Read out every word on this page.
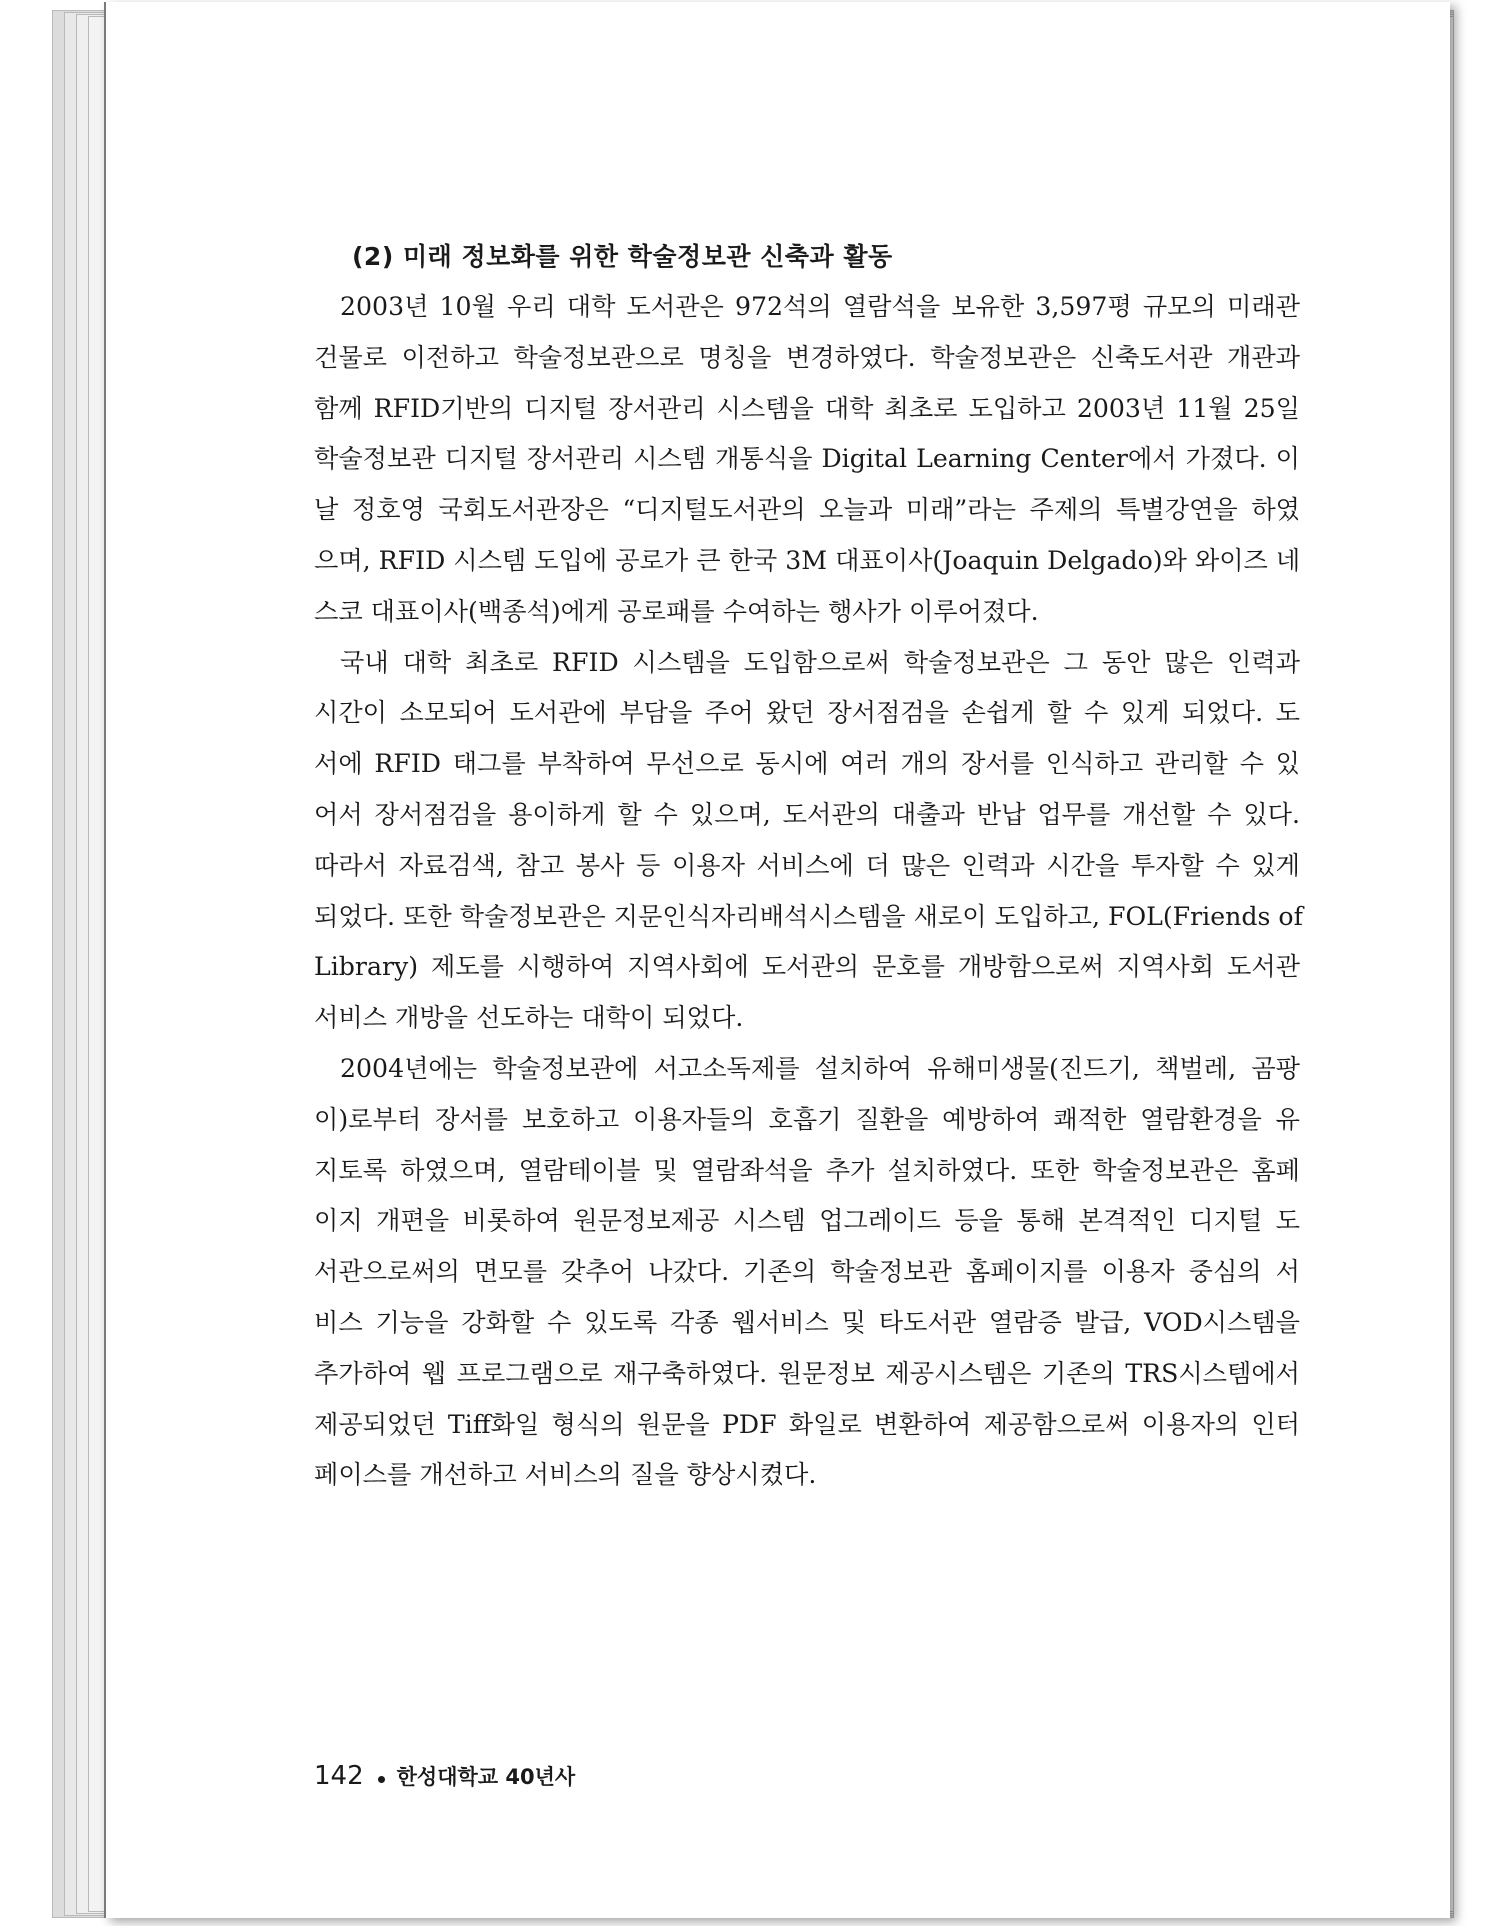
(2) 미래 정보화를 위한 학술정보관 신축과 활동
2003년 10월 우리 대학 도서관은 972석의 열람석을 보유한 3,597평 규모의 미래관
건물로 이전하고 학술정보관으로 명칭을 변경하였다. 학술정보관은 신축도서관 개관과
함께 RFID기반의 디지털 장서관리 시스템을 대학 최초로 도입하고 2003년 11월 25일
학술정보관 디지털 장서관리 시스템 개통식을 Digital Learning Center에서 가졌다. 이
날 정호영 국회도서관장은 “디지털도서관의 오늘과 미래”라는 주제의 특별강연을 하였
으며, RFID 시스템 도입에 공로가 큰 한국 3M 대표이사(Joaquin Delgado)와 와이즈 네
스코 대표이사(백종석)에게 공로패를 수여하는 행사가 이루어졌다.
국내 대학 최초로 RFID 시스템을 도입함으로써 학술정보관은 그 동안 많은 인력과
시간이 소모되어 도서관에 부담을 주어 왔던 장서점검을 손쉽게 할 수 있게 되었다. 도
서에 RFID 태그를 부착하여 무선으로 동시에 여러 개의 장서를 인식하고 관리할 수 있
어서 장서점검을 용이하게 할 수 있으며, 도서관의 대출과 반납 업무를 개선할 수 있다.
따라서 자료검색, 참고 봉사 등 이용자 서비스에 더 많은 인력과 시간을 투자할 수 있게
되었다. 또한 학술정보관은 지문인식자리배석시스템을 새로이 도입하고, FOL(Friends of
Library) 제도를 시행하여 지역사회에 도서관의 문호를 개방함으로써 지역사회 도서관
서비스 개방을 선도하는 대학이 되었다.
2004년에는 학술정보관에 서고소독제를 설치하여 유해미생물(진드기, 책벌레, 곰팡
이)로부터 장서를 보호하고 이용자들의 호흡기 질환을 예방하여 쾌적한 열람환경을 유
지토록 하였으며, 열람테이블 및 열람좌석을 추가 설치하였다. 또한 학술정보관은 홈페
이지 개편을 비롯하여 원문정보제공 시스템 업그레이드 등을 통해 본격적인 디지털 도
서관으로써의 면모를 갖추어 나갔다. 기존의 학술정보관 홈페이지를 이용자 중심의 서
비스 기능을 강화할 수 있도록 각종 웹서비스 및 타도서관 열람증 발급, VOD시스템을
추가하여 웹 프로그램으로 재구축하였다. 원문정보 제공시스템은 기존의 TRS시스템에서
제공되었던 Tiff화일 형식의 원문을 PDF 화일로 변환하여 제공함으로써 이용자의 인터
페이스를 개선하고 서비스의 질을 향상시켰다.
142 한성대학교 40년사
